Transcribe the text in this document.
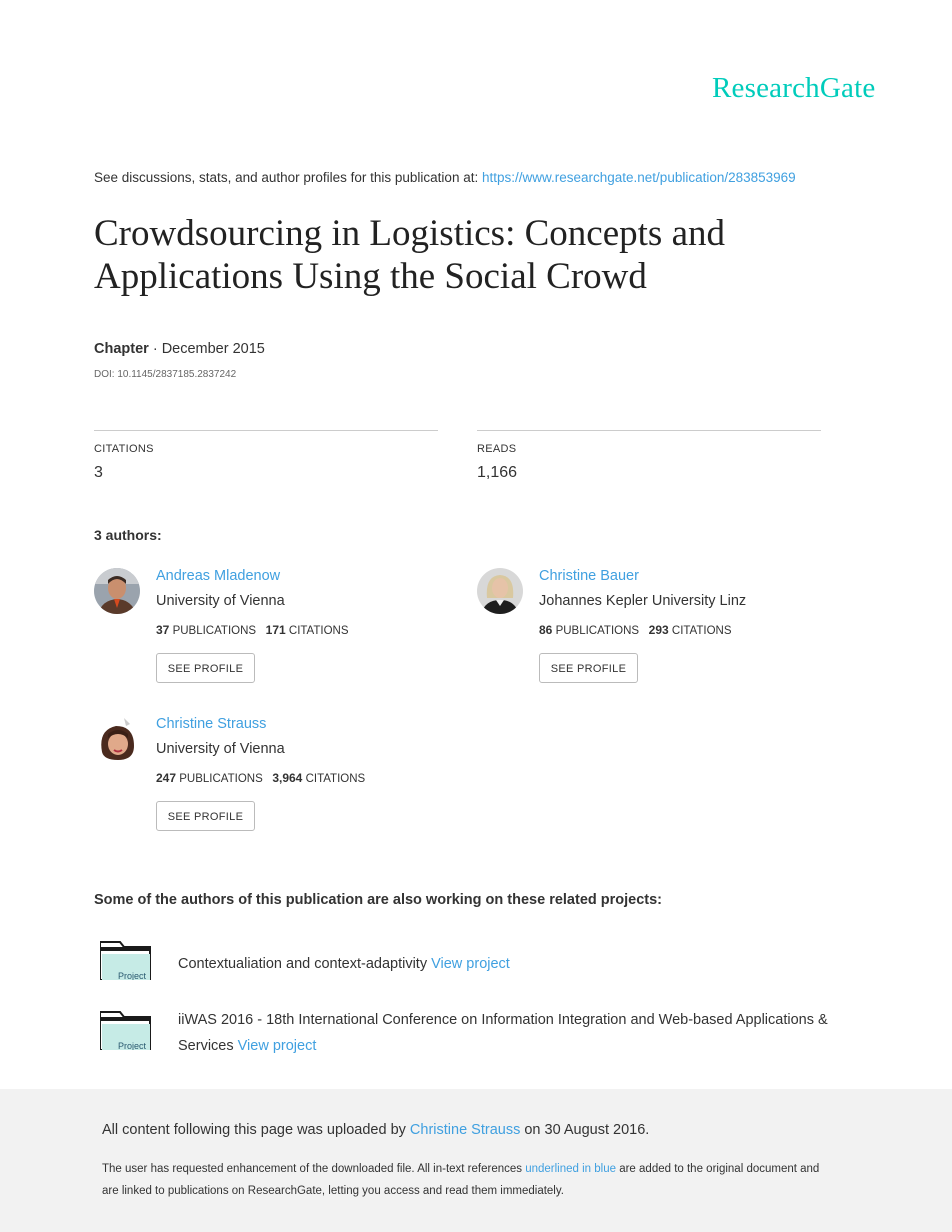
ResearchGate
See discussions, stats, and author profiles for this publication at: https://www.researchgate.net/publication/283853969
Crowdsourcing in Logistics: Concepts and Applications Using the Social Crowd
Chapter · December 2015
DOI: 10.1145/2837185.2837242
CITATIONS
3
READS
1,166
3 authors:
Andreas Mladenow
University of Vienna
37 PUBLICATIONS 171 CITATIONS
SEE PROFILE
Christine Bauer
Johannes Kepler University Linz
86 PUBLICATIONS 293 CITATIONS
SEE PROFILE
Christine Strauss
University of Vienna
247 PUBLICATIONS 3,964 CITATIONS
SEE PROFILE
Some of the authors of this publication are also working on these related projects:
Project
Contextualiation and context-adaptivity View project
Project
iiWAS 2016 - 18th International Conference on Information Integration and Web-based Applications & Services View project
All content following this page was uploaded by Christine Strauss on 30 August 2016.
The user has requested enhancement of the downloaded file. All in-text references underlined in blue are added to the original document and are linked to publications on ResearchGate, letting you access and read them immediately.
